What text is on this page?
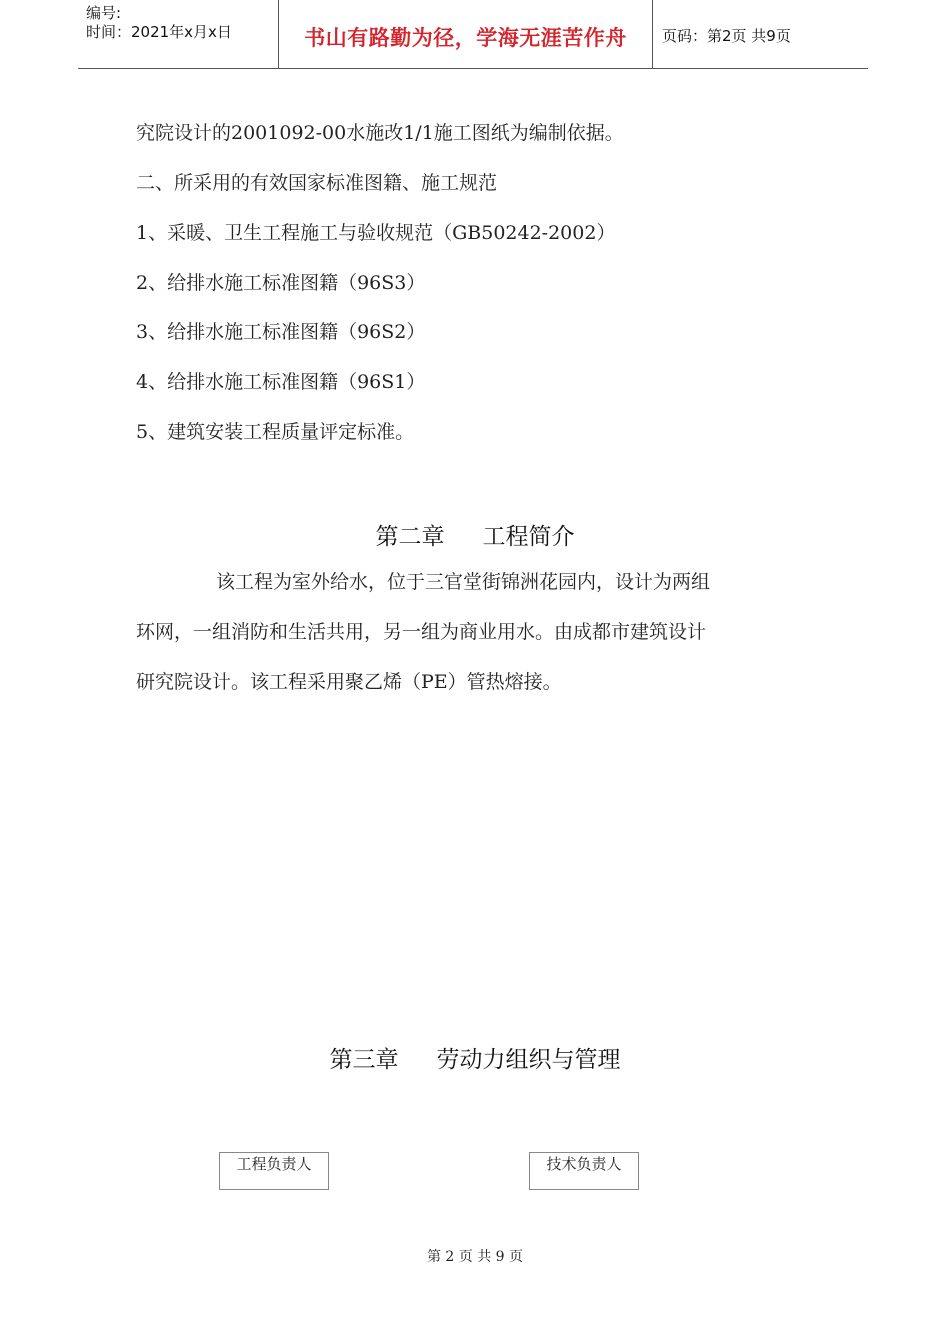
编号:
时间：2021年x月x日	书山有路勤为径，学海无涯苦作舟	页码：第2页 共9页
究院设计的2001092-00水施改1/1施工图纸为编制依据。
二、所采用的有效国家标准图籍、施工规范
1、采暖、卫生工程施工与验收规范（GB50242-2002）
2、给排水施工标准图籍（96S3）
3、给排水施工标准图籍（96S2）
4、给排水施工标准图籍（96S1）
5、建筑安装工程质量评定标准。
第二章 工程简介
该工程为室外给水，位于三官堂街锦洲花园内，设计为两组
环网，一组消防和生活共用，另一组为商业用水。由成都市建筑设计
研究院设计。该工程采用聚乙烯（PE）管热熔接。
第三章 劳动力组织与管理
工程负责人	技术负责人
第 2 页 共 9 页
